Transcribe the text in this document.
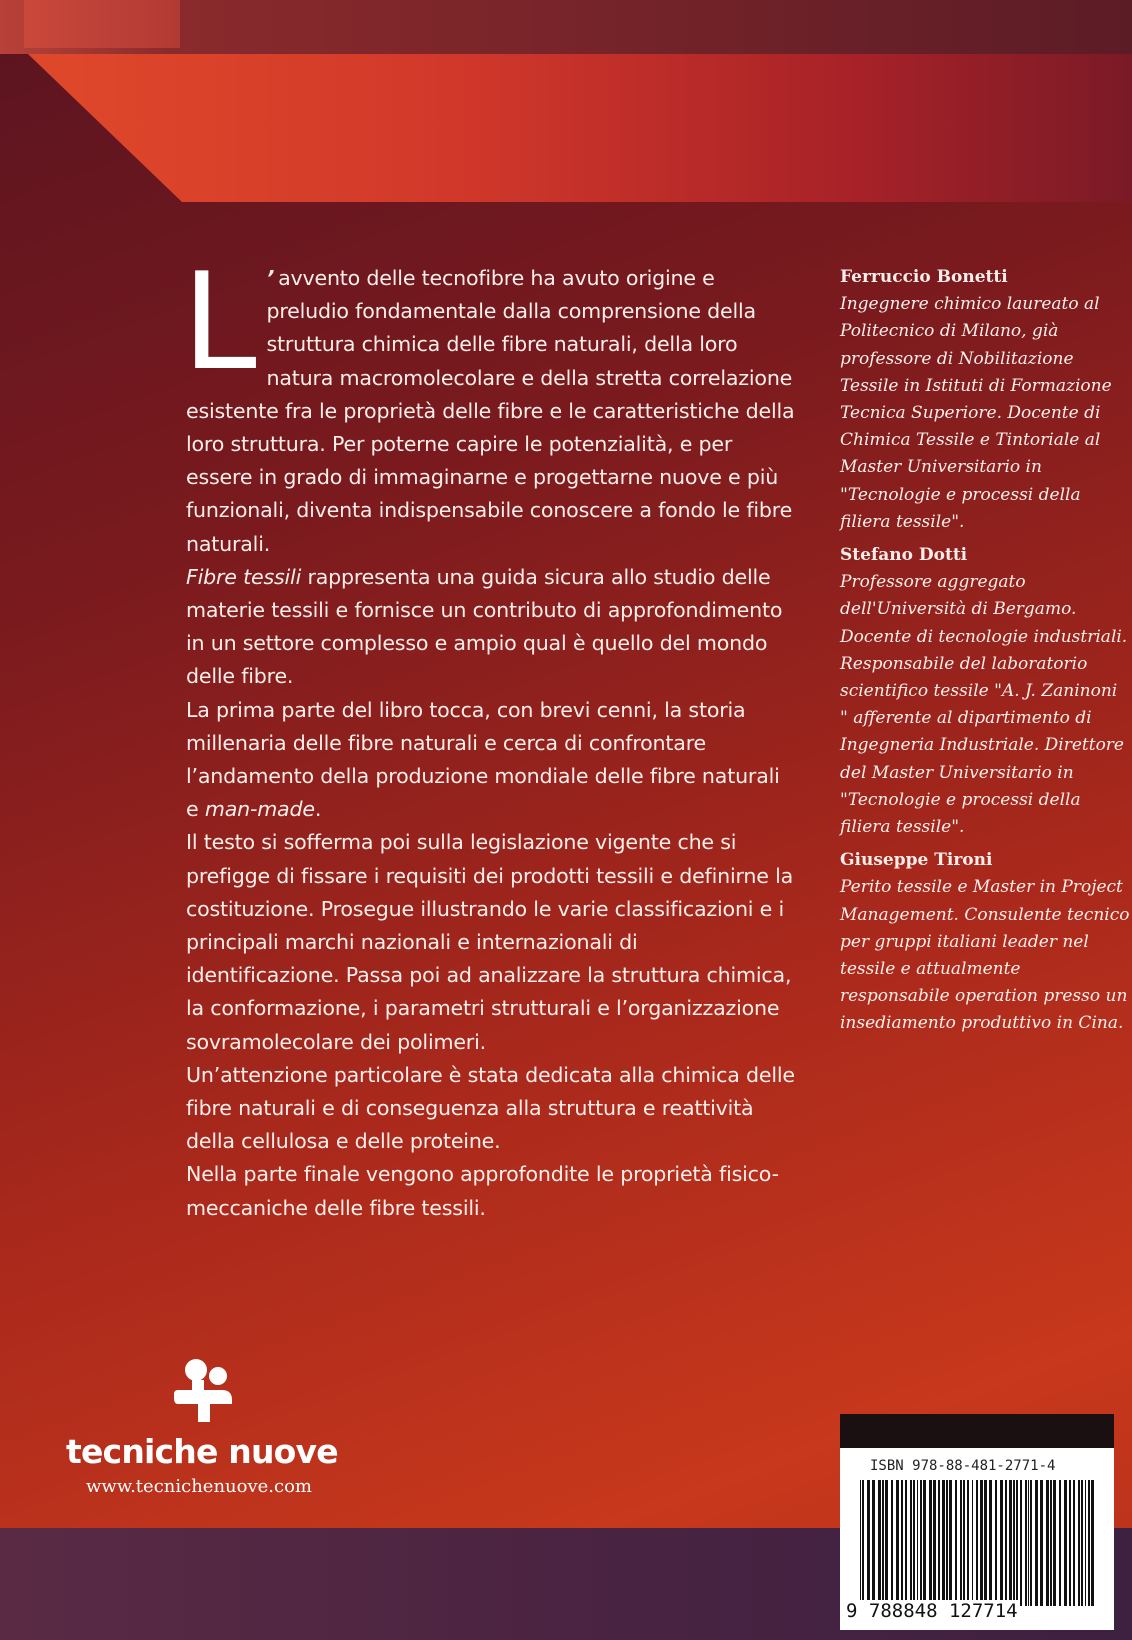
L ’ avvento delle tecnofibre ha avuto origine e preludio fondamentale dalla comprensione della struttura chimica delle fibre naturali, della loro natura macromolecolare e della stretta correlazione esistente fra le proprietà delle fibre e le caratteristiche della loro struttura. Per poterne capire le potenzialità, e per essere in grado di immaginarne e progettarne nuove e più funzionali, diventa indispensabile conoscere a fondo le fibre naturali.

Fibre tessili rappresenta una guida sicura allo studio delle materie tessili e fornisce un contributo di approfondimento in un settore complesso e ampio qual è quello del mondo delle fibre.

La prima parte del libro tocca, con brevi cenni, la storia millenaria delle fibre naturali e cerca di confrontare l’andamento della produzione mondiale delle fibre naturali e man-made.

Il testo si sofferma poi sulla legislazione vigente che si prefigge di fissare i requisiti dei prodotti tessili e definirne la costituzione. Prosegue illustrando le varie classificazioni e i principali marchi nazionali e internazionali di identificazione. Passa poi ad analizzare la struttura chimica, la conformazione, i parametri strutturali e l’organizzazione sovramolecolare dei polimeri.

Un’attenzione particolare è stata dedicata alla chimica delle fibre naturali e di conseguenza alla struttura e reattività della cellulosa e delle proteine.

Nella parte finale vengono approfondite le proprietà fisico-meccaniche delle fibre tessili.

Ferruccio Bonetti
Ingegnere chimico laureato al Politecnico di Milano, già professore di Nobilitazione Tessile in Istituti di Formazione Tecnica Superiore. Docente di Chimica Tessile e Tintoriale al Master Universitario in "Tecnologie e processi della filiera tessile".
Stefano Dotti
Professore aggregato dell'Università di Bergamo. Docente di tecnologie industriali. Responsabile del laboratorio scientifico tessile "A. J. Zaninoni " afferente al dipartimento di Ingegneria Industriale. Direttore del Master Universitario in "Tecnologie e processi della filiera tessile".
Giuseppe Tironi
Perito tessile e Master in Project Management. Consulente tecnico per gruppi italiani leader nel tessile e attualmente responsabile operation presso un insediamento produttivo in Cina.
tecniche nuove
www.tecnichenuove.com
ISBN 978-88-481-2771-4
9 788848 127714
